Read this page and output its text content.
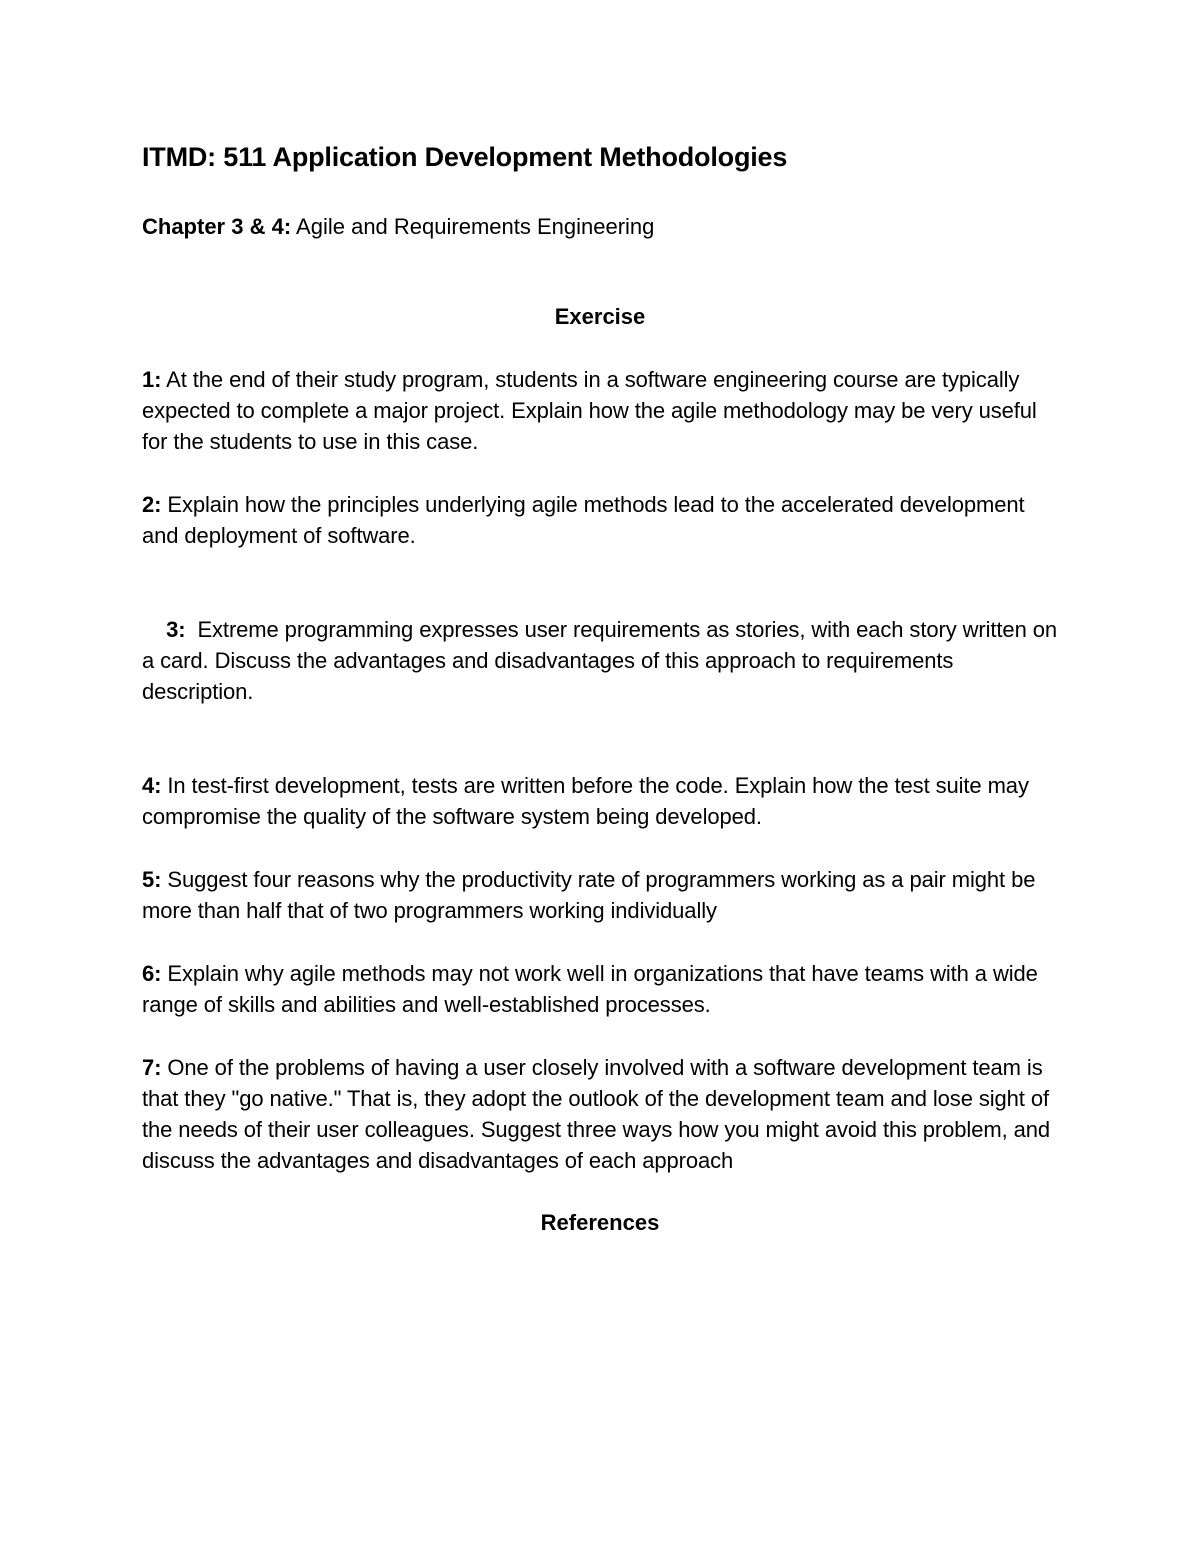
ITMD: 511 Application Development Methodologies
Chapter 3 & 4: Agile and Requirements Engineering
Exercise
1: At the end of their study program, students in a software engineering course are typically expected to complete a major project. Explain how the agile methodology may be very useful for the students to use in this case.
2: Explain how the principles underlying agile methods lead to the accelerated development and deployment of software.

3:  Extreme programming expresses user requirements as stories, with each story written on a card. Discuss the advantages and disadvantages of this approach to requirements description.

4: In test-first development, tests are written before the code. Explain how the test suite may compromise the quality of the software system being developed.
5: Suggest four reasons why the productivity rate of programmers working as a pair might be more than half that of two programmers working individually
6: Explain why agile methods may not work well in organizations that have teams with a wide range of skills and abilities and well-established processes.
7: One of the problems of having a user closely involved with a software development team is that they "go native." That is, they adopt the outlook of the development team and lose sight of the needs of their user colleagues. Suggest three ways how you might avoid this problem, and discuss the advantages and disadvantages of each approach
References
